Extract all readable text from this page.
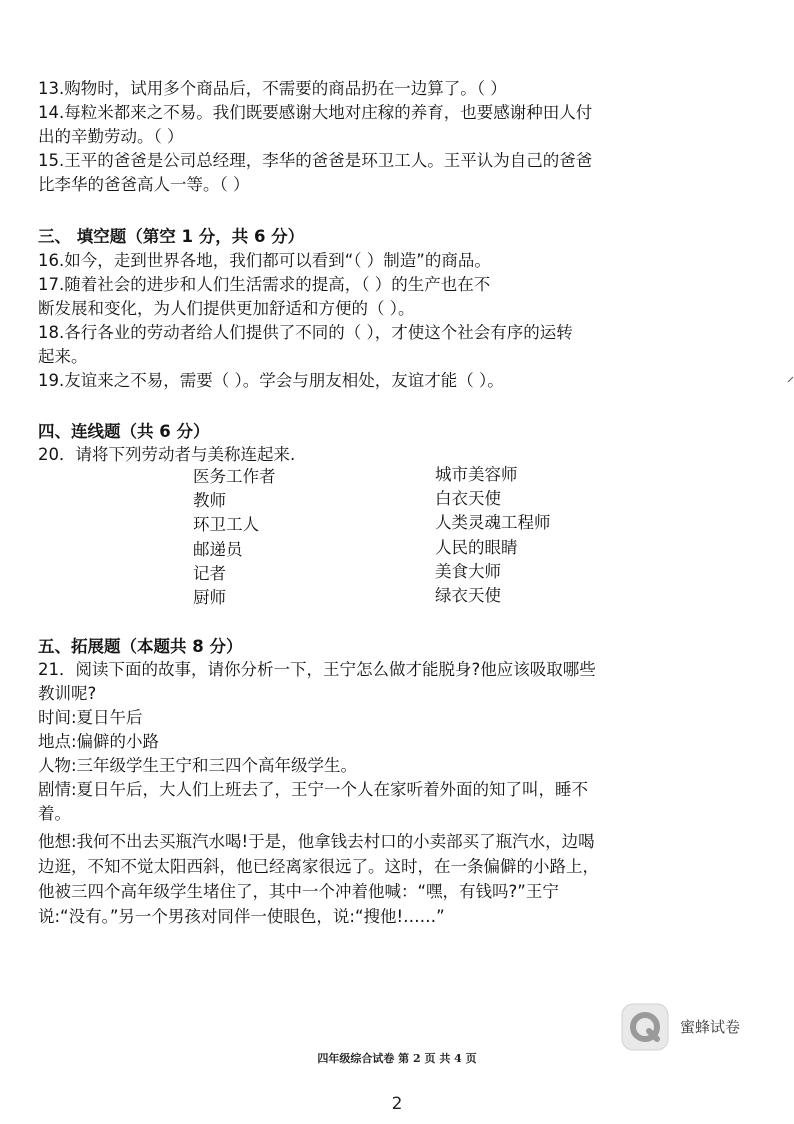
13.购物时，试用多个商品后，不需要的商品扔在一边算了。（ ）
14.每粒米都来之不易。我们既要感谢大地对庄稼的养育，也要感谢种田人付
出的辛勤劳动。（ ）
15.王平的爸爸是公司总经理，李华的爸爸是环卫工人。王平认为自己的爸爸
比李华的爸爸高人一等。（ ）
三、 填空题（第空 1 分，共 6 分）
16.如今，走到世界各地，我们都可以看到“（ ）制造”的商品。
17.随着社会的进步和人们生活需求的提高，（ ）的生产也在不
断发展和变化，为人们提供更加舒适和方便的（ ）。
18.各行各业的劳动者给人们提供了不同的（ ），才使这个社会有序的运转
起来。
19.友谊来之不易，需要（ ）。学会与朋友相处，友谊才能（ ）。
四、连线题（共 6 分）
20．请将下列劳动者与美称连起来.
五、拓展题（本题共 8 分）
21．阅读下面的故事，请你分析一下，王宁怎么做才能脱身?他应该吸取哪些
教训呢?
时间:夏日午后
地点:偏僻的小路
人物:三年级学生王宁和三四个高年级学生。
剧情:夏日午后，大人们上班去了，王宁一个人在家听着外面的知了叫，睡不
着。
他想:我何不出去买瓶汽水喝!于是，他拿钱去村口的小卖部买了瓶汽水，边喝
边逛，不知不觉太阳西斜，他已经离家很远了。这时，在一条偏僻的小路上，
他被三四个高年级学生堵住了，其中一个冲着他喊：“嘿，有钱吗?”王宁
说:“没有。”另一个男孩对同伴一使眼色，说:“搜他!……”
医务工作者
教师
环卫工人
邮递员
记者
厨师
城市美容师
白衣天使
人类灵魂工程师
人民的眼睛
美食大师
绿衣天使
蜜蜂试卷
四年级综合试卷 第 2 页 共 4 页
2
